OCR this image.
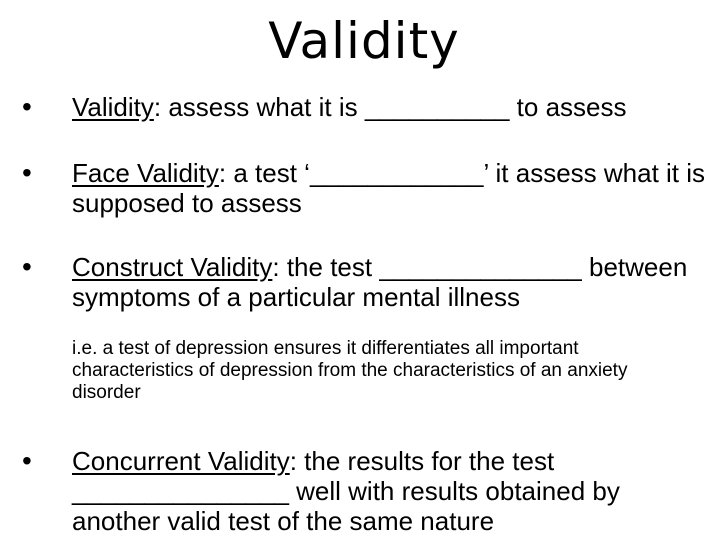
Validity
• Validity: assess what it is __________ to assess
• Face Validity: a test ‘____________’ it assess what it is supposed to assess
• Construct Validity: the test ______________ between symptoms of a particular mental illness
i.e. a test of depression ensures it differentiates all important characteristics of depression from the characteristics of an anxiety disorder
• Concurrent Validity: the results for the test _______________ well with results obtained by another valid test of the same nature
